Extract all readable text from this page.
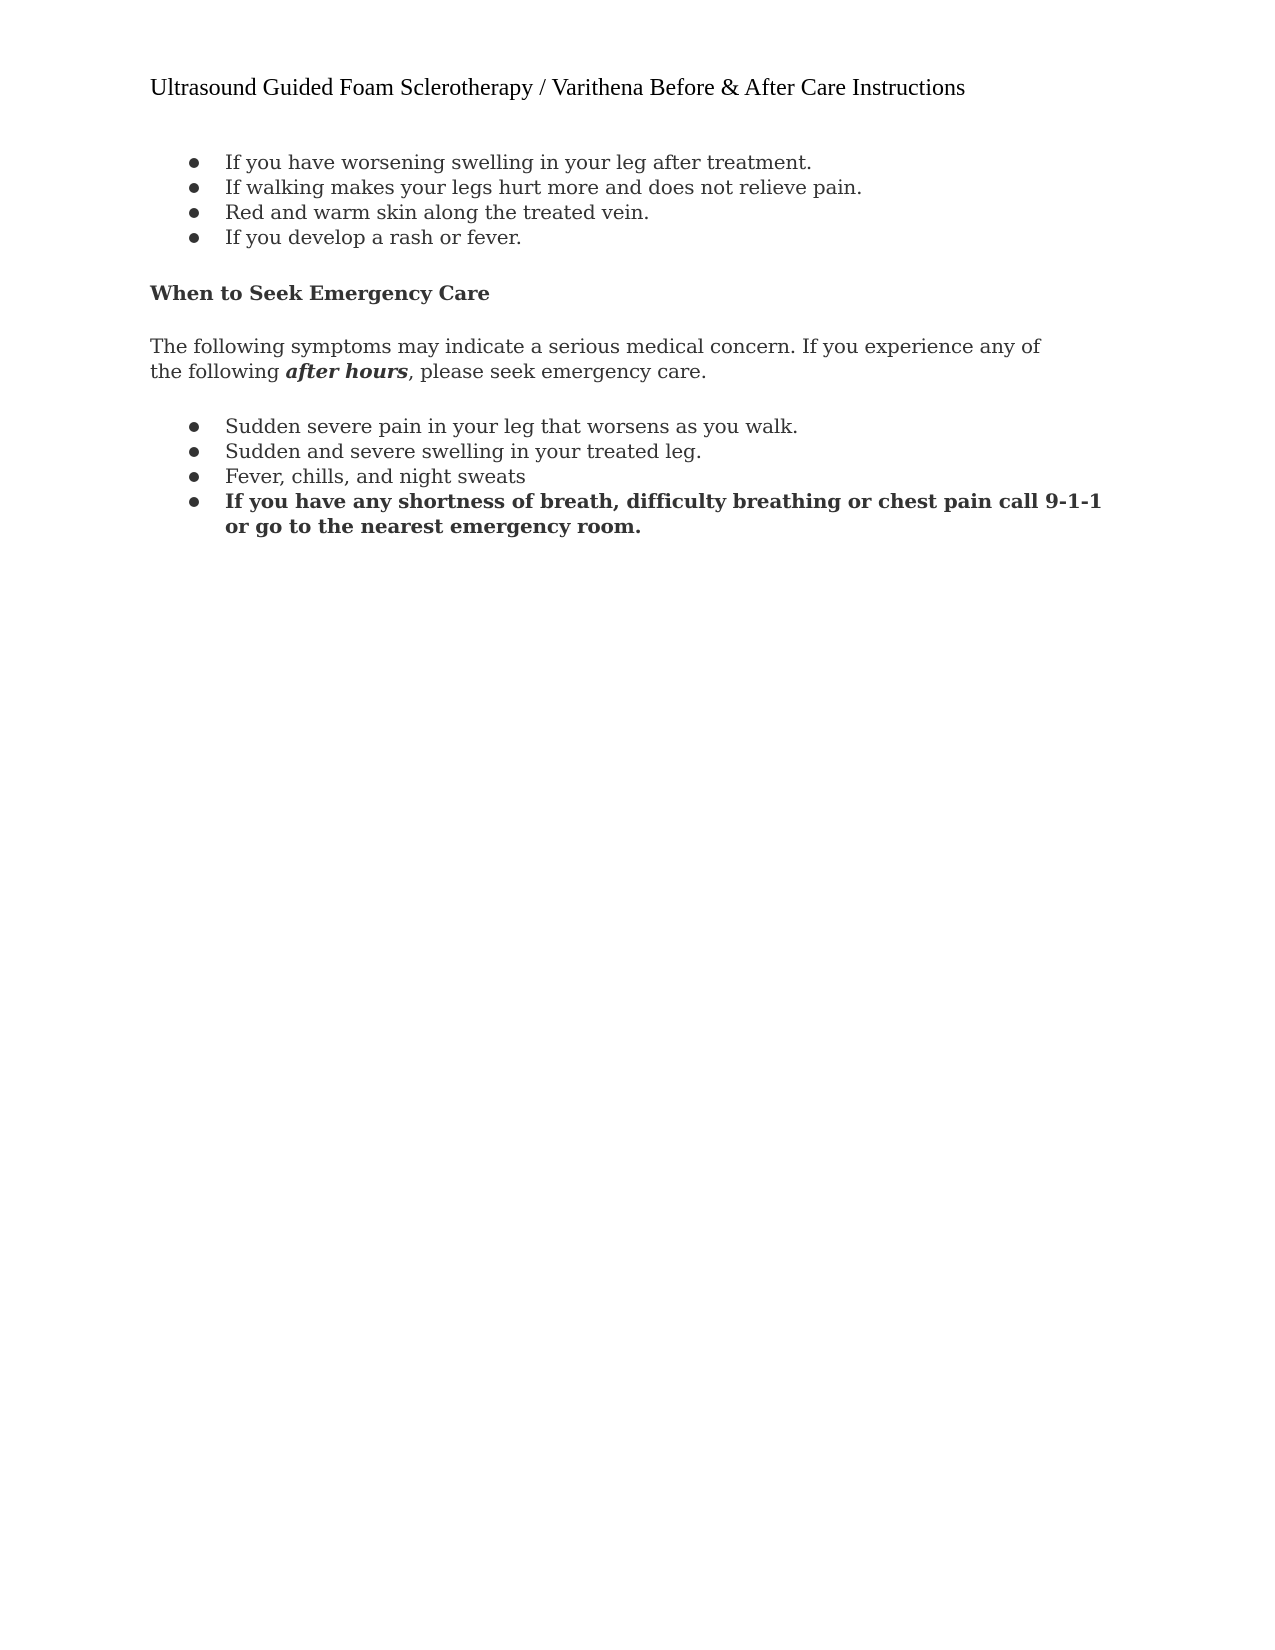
Ultrasound Guided Foam Sclerotherapy / Varithena Before & After Care Instructions
If you have worsening swelling in your leg after treatment.
If walking makes your legs hurt more and does not relieve pain.
Red and warm skin along the treated vein.
If you develop a rash or fever.
When to Seek Emergency Care

The following symptoms may indicate a serious medical concern. If you experience any of the following after hours, please seek emergency care.

Sudden severe pain in your leg that worsens as you walk.
Sudden and severe swelling in your treated leg.
Fever, chills, and night sweats
If you have any shortness of breath, difficulty breathing or chest pain call 9-1-1 or go to the nearest emergency room.
